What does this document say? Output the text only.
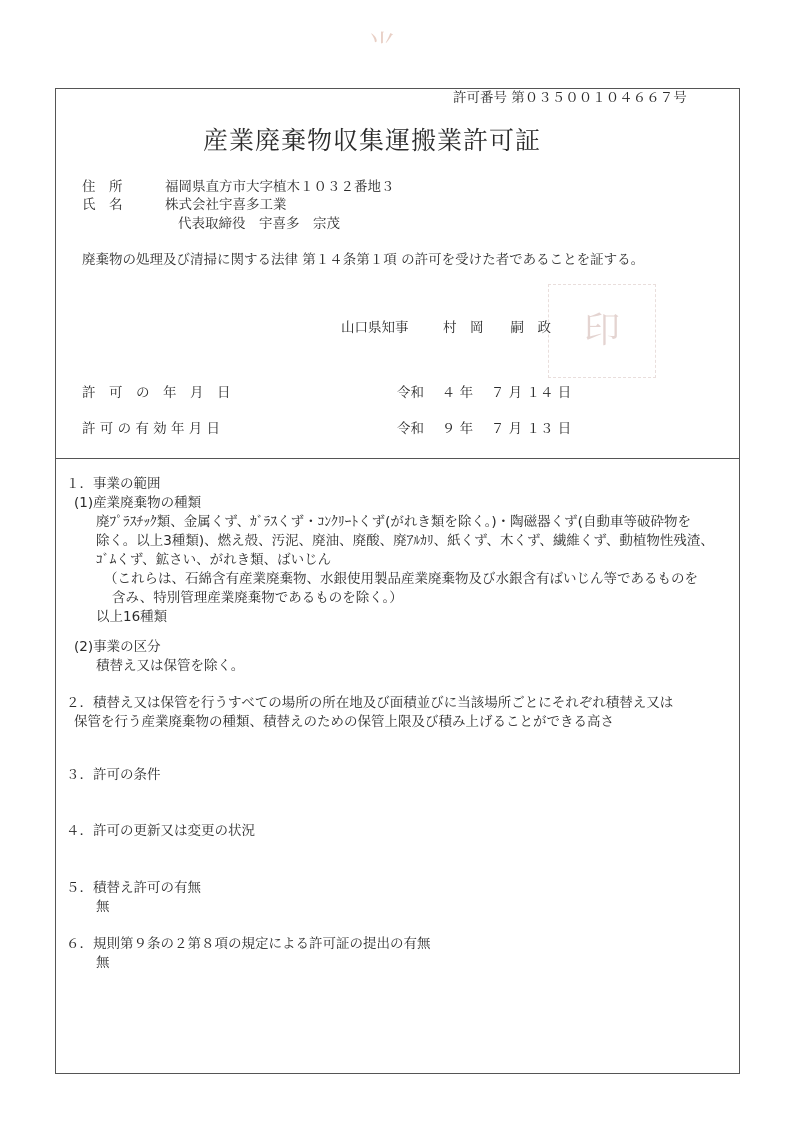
⺌
印
許可番号 第０３５００１０４６６７号
産業廃棄物収集運搬業許可証
住　所	福岡県直方市大字植木１０３２番地３
氏　名	株式会社宇喜多工業
代表取締役　宇喜多　宗茂
廃棄物の処理及び清掃に関する法律 第１４条第１項 の許可を受けた者であることを証する。
山口県知事	村　岡　　嗣　政
許　可　の　年　月　日	令和　 ４ 年　 ７ 月 １４ 日
許 可 の 有 効 年 月 日	令和　 ９ 年　 ７ 月 １３ 日
１．事業の範囲
(1)産業廃棄物の種類
廃ﾌﾟﾗｽﾁｯｸ類、金属くず、ｶﾞﾗｽくず・ｺﾝｸﾘｰﾄくず(がれき類を除く。)・陶磁器くず(自動車等破砕物を
除く。以上3種類)、燃え殻、汚泥、廃油、廃酸、廃ｱﾙｶﾘ、紙くず、木くず、繊維くず、動植物性残渣、
ｺﾞﾑくず、鉱さい、がれき類、ばいじん
（これらは、石綿含有産業廃棄物、水銀使用製品産業廃棄物及び水銀含有ばいじん等であるものを
含み、特別管理産業廃棄物であるものを除く。）
以上16種類
(2)事業の区分
積替え又は保管を除く。
２．積替え又は保管を行うすべての場所の所在地及び面積並びに当該場所ごとにそれぞれ積替え又は
保管を行う産業廃棄物の種類、積替えのための保管上限及び積み上げることができる高さ
３．許可の条件
４．許可の更新又は変更の状況
５．積替え許可の有無
無
６．規則第９条の２第８項の規定による許可証の提出の有無
無
